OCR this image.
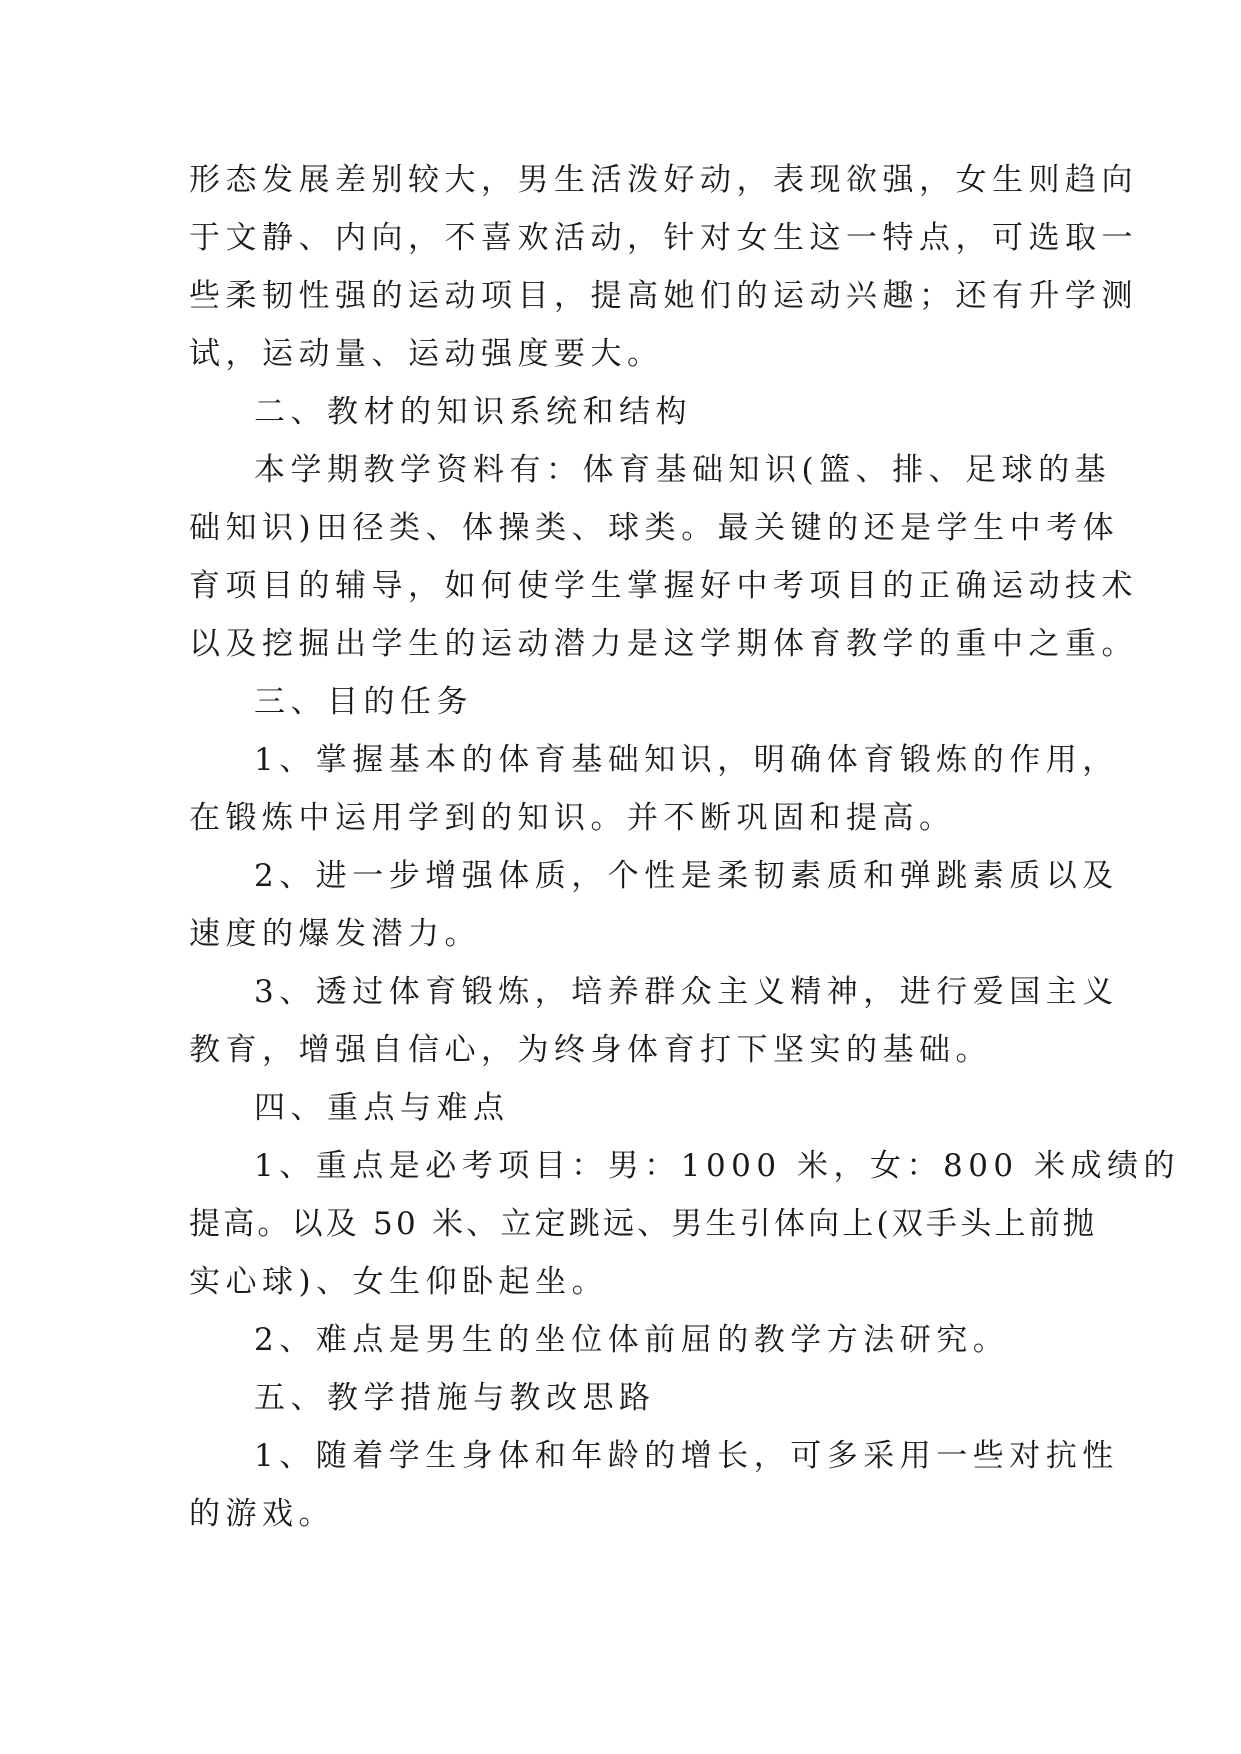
形态发展差别较大，男生活泼好动，表现欲强，女生则趋向

于文静、内向，不喜欢活动，针对女生这一特点，可选取一

些柔韧性强的运动项目，提高她们的运动兴趣；还有升学测

试，运动量、运动强度要大。

二、教材的知识系统和结构

本学期教学资料有：体育基础知识(篮、排、足球的基

础知识)田径类、体操类、球类。最关键的还是学生中考体

育项目的辅导，如何使学生掌握好中考项目的正确运动技术

以及挖掘出学生的运动潜力是这学期体育教学的重中之重。

三、目的任务

1、掌握基本的体育基础知识，明确体育锻炼的作用，

在锻炼中运用学到的知识。并不断巩固和提高。

2、进一步增强体质，个性是柔韧素质和弹跳素质以及

速度的爆发潜力。

3、透过体育锻炼，培养群众主义精神，进行爱国主义

教育，增强自信心，为终身体育打下坚实的基础。

四、重点与难点

1、重点是必考项目：男：1000 米，女：800 米成绩的

提高。以及 50 米、立定跳远、男生引体向上(双手头上前抛

实心球)、女生仰卧起坐。

2、难点是男生的坐位体前屈的教学方法研究。

五、教学措施与教改思路

1、随着学生身体和年龄的增长，可多采用一些对抗性

的游戏。
